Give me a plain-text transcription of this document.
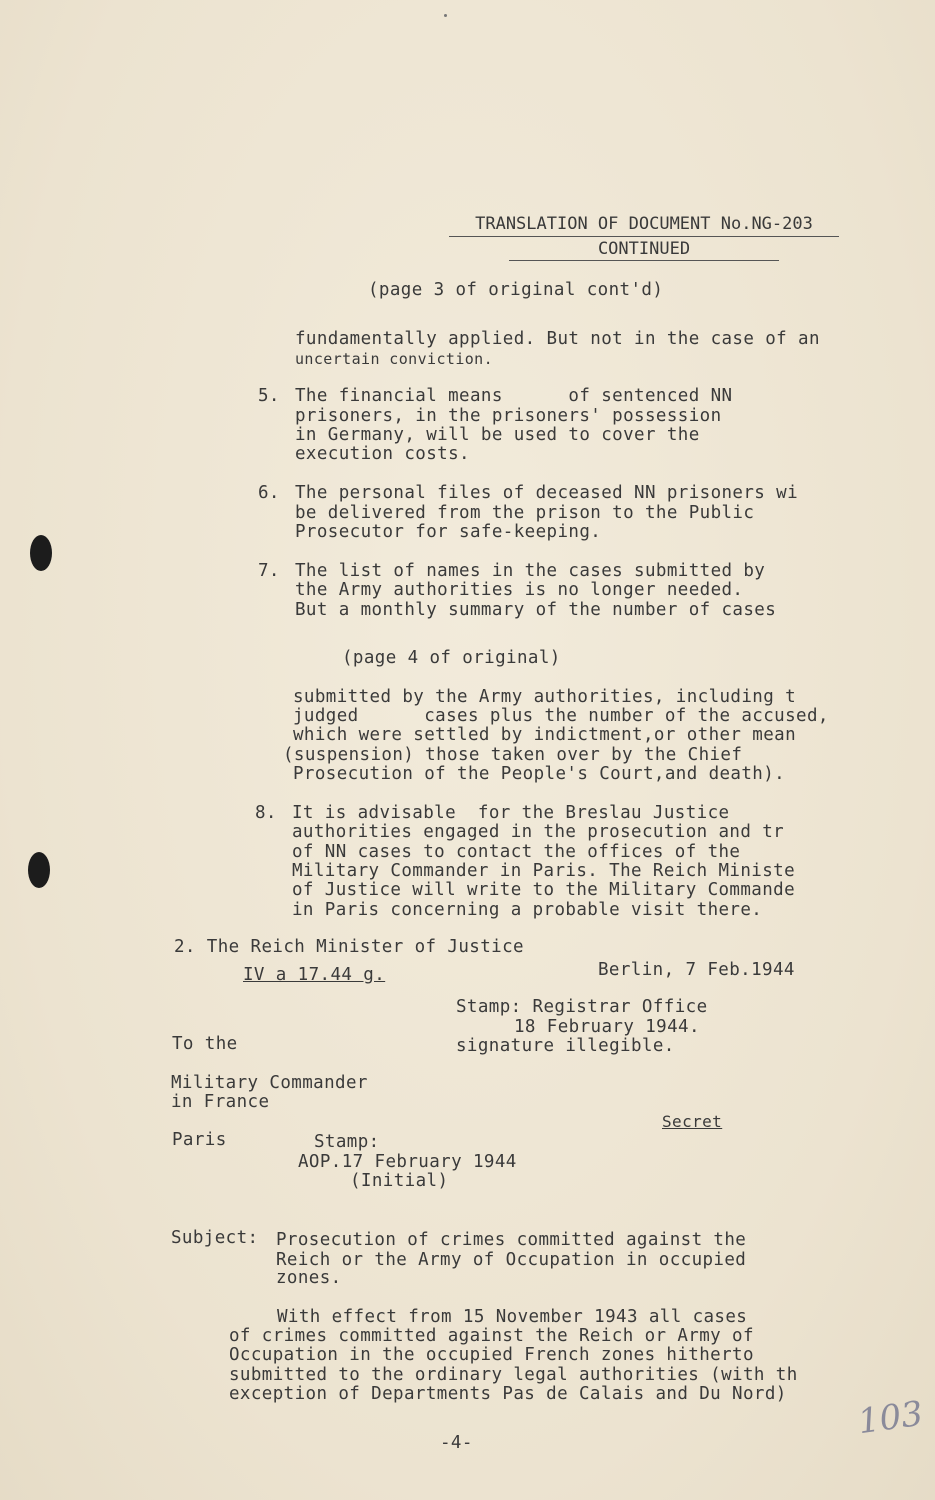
TRANSLATION OF DOCUMENT No.NG-203
CONTINUED
(page 3 of original cont'd)
fundamentally applied. But not in the case of an
uncertain conviction.
5. The financial means      of sentenced NN
prisoners, in the prisoners' possession
in Germany, will be used to cover the
execution costs.
6. The personal files of deceased NN prisoners wi
be delivered from the prison to the Public
Prosecutor for safe-keeping.
7. The list of names in the cases submitted by
the Army authorities is no longer needed.
But a monthly summary of the number of cases
(page 4 of original)
submitted by the Army authorities, including t
judged      cases plus the number of the accused,
which were settled by indictment,or other mean
(suspension) those taken over by the Chief
Prosecution of the People's Court,and death).
8. It is advisable  for the Breslau Justice
authorities engaged in the prosecution and tr
of NN cases to contact the offices of the
Military Commander in Paris. The Reich Ministe
of Justice will write to the Military Commande
in Paris concerning a probable visit there.
2. The Reich Minister of Justice
IV a 17.44 g.	Berlin, 7 Feb.1944
Stamp: Registrar Office
18 February 1944.
signature illegible.
To the
Military Commander
in France
Secret
Paris	Stamp:
AOP.17 February 1944
(Initial)
Subject: Prosecution of crimes committed against the
Reich or the Army of Occupation in occupied
zones.
With effect from 15 November 1943 all cases
of crimes committed against the Reich or Army of
Occupation in the occupied French zones hitherto
submitted to the ordinary legal authorities (with th
exception of Departments Pas de Calais and Du Nord)
-4-
103
